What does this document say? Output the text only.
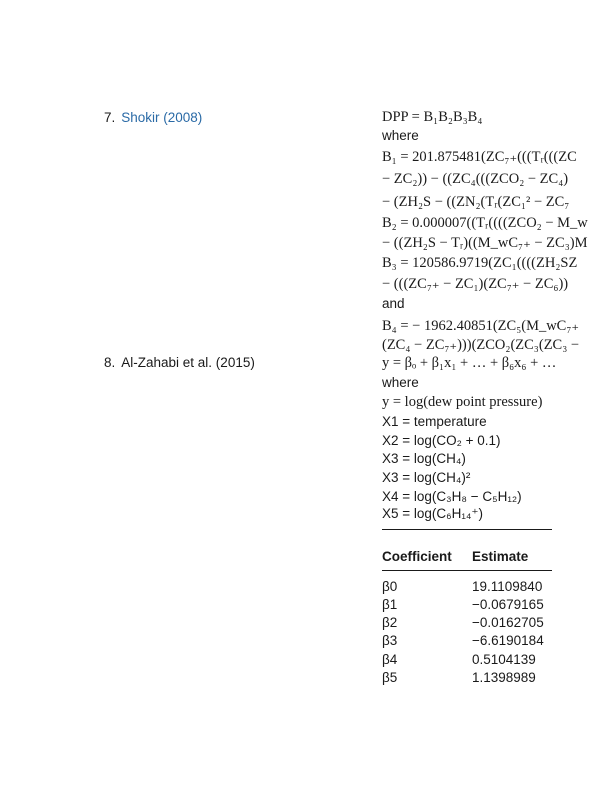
7. Shokir (2008)
8. Al-Zahabi et al. (2015)
DPP = B₁B₂B₃B₄
where
B₁ = 201.875481(ZC₇₊(((Tᵣ(((ZC
− ZC₂)) − ((ZC₄(((ZCO₂ − ZC₄)
− (ZH₂S − ((ZN₂(Tᵣ(ZC₁² − ZC₇
B₂ = 0.000007((Tᵣ((((ZCO₂ − M_w
− ((ZH₂S − Tᵣ)((M_wC₇₊ − ZC₃)M
B₃ = 120586.9719(ZC₁((((ZH₂SZ
− (((ZC₇₊ − ZC₁)(ZC₇₊ − ZC₆))
and
B₄ = − 1962.40851(ZC₅(M_wC₇₊
(ZC₄ − ZC₇₊)))(ZCO₂(ZC₃(ZC₃ −
y = βₒ + β₁x₁ + … + β₆x₆ + …
where
y = log(dew point pressure)
X1 = temperature
X2 = log(CO₂ + 0.1)
X3 = log(CH₄)
X3 = log(CH₄)²
X4 = log(C₃H₈ − C₅H₁₂)
X5 = log(C₆H₁₄⁺)
Coefficient Estimate
β0	19.1109840
β1	−0.0679165
β2	−0.0162705
β3	−6.6190184
β4	0.5104139
β5	1.1398989
